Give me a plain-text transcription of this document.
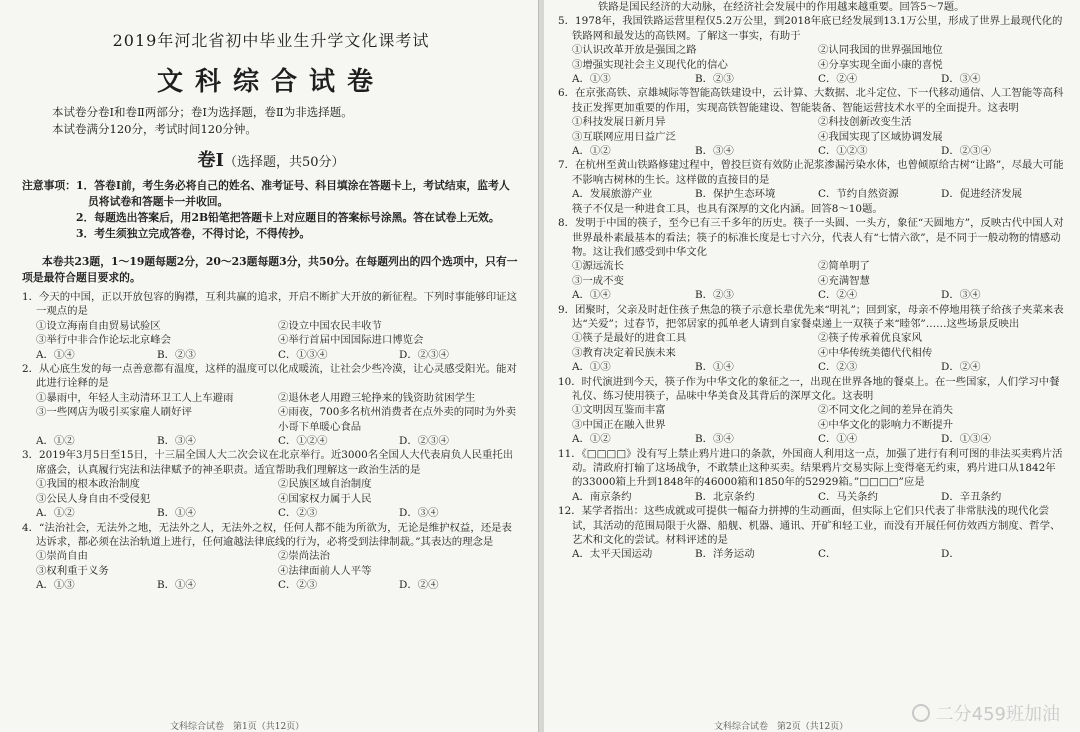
2019年河北省初中毕业生升学文化课考试
文科综合试卷
本试卷分卷Ⅰ和卷Ⅱ两部分；卷Ⅰ为选择题，卷Ⅱ为非选择题。
本试卷满分120分，考试时间120分钟。
卷Ⅰ（选择题，共50分）
注意事项： 1．答卷Ⅰ前，考生务必将自己的姓名、准考证号、科目填涂在答题卡上，考试结束，监考人员将试卷和答题卡一并收回。
2．每题选出答案后，用2B铅笔把答题卡上对应题目的答案标号涂黑。答在试卷上无效。
3．考生须独立完成答卷，不得讨论，不得传抄。
本卷共23题，1～19题每题2分，20～23题每题3分，共50分。在每题列出的四个选项中，只有一项是最符合题目要求的。
1．今天的中国，正以开放包容的胸襟，互利共赢的追求，开启不断扩大开放的新征程。下列时事能够印证这一观点的是
①设立海南自由贸易试验区	②设立中国农民丰收节
③举行中非合作论坛北京峰会	④举行首届中国国际进口博览会
A．①④	B．②③	C．①③④	D．②③④
2．从心底生发的每一点善意都有温度，这样的温度可以化成暖流，让社会少些冷漠，让心灵感受阳光。能对此进行诠释的是
①暴雨中，年轻人主动清环卫工人上车避雨	②退休老人用蹬三轮挣来的钱资助贫困学生
③一些网店为吸引买家雇人刷好评	④雨夜，700多名杭州消费者在点外卖的同时为外卖小哥下单暖心食品
A．①②	B．③④	C．①②④	D．②③④
3．2019年3月5日至15日，十三届全国人大二次会议在北京举行。近3000名全国人大代表肩负人民重托出席盛会，认真履行宪法和法律赋予的神圣职责。适宜帮助我们理解这一政治生活的是
①我国的根本政治制度	②民族区域自治制度
③公民人身自由不受侵犯	④国家权力属于人民
A．①②	B．①④	C．②③	D．③④
4．“法治社会，无法外之地，无法外之人，无法外之权，任何人都不能为所欲为，无论是维护权益，还是表达诉求，都必须在法治轨道上进行，任何逾越法律底线的行为，必将受到法律制裁。”其表达的理念是
①崇尚自由	②崇尚法治
③权利重于义务	④法律面前人人平等
A．①③	B．①④	C．②③	D．②④
文科综合试卷　第1页（共12页）
铁路是国民经济的大动脉，在经济社会发展中的作用越来越重要。回答5～7题。
5．1978年，我国铁路运营里程仅5.2万公里，到2018年底已经发展到13.1万公里，形成了世界上最现代化的铁路网和最发达的高铁网。了解这一事实，有助于
①认识改革开放是强国之路	②认同我国的世界强国地位
③增强实现社会主义现代化的信心	④分享实现全面小康的喜悦
A．①③	B．②③	C．②④	D．③④
6．在京张高铁、京雄城际等智能高铁建设中，云计算、大数据、北斗定位、下一代移动通信、人工智能等高科技正发挥更加重要的作用，实现高铁智能建设、智能装备、智能运营技术水平的全面提升。这表明
①科技发展日新月异	②科技创新改变生活
③互联网应用日益广泛	④我国实现了区域协调发展
A．①②	B．③④	C．①②③	D．②③④
7．在杭州至黄山铁路修建过程中，曾投巨资有效防止泥浆渗漏污染水体，也曾倾原给古树“让路”，尽最大可能不影响古树林的生长。这样做的直接目的是
A．发展旅游产业	B．保护生态环境	C．节约自然资源	D．促进经济发展
筷子不仅是一种进食工具，也具有深厚的文化内涵。回答8～10题。
8．发明于中国的筷子，至今已有三千多年的历史。筷子一头圆、一头方，象征“天圆地方”，反映古代中国人对世界最朴素最基本的看法；筷子的标准长度是七寸六分，代表人有“七情六欲”，是不同于一般动物的情感动物。这让我们感受到中华文化
①源远流长	②简单明了
③一成不变	④充满智慧
A．①④	B．②③	C．②④	D．③④
9．团聚时，父亲及时赶住孩子焦急的筷子示意长辈优先来“明礼”；回到家，母亲不停地用筷子给孩子夹菜来表达“关爱”；过春节，把邻居家的孤单老人请到自家餐桌递上一双筷子来“睦邻”……这些场景反映出
①筷子是最好的进食工具	②筷子传承着优良家风
③教育决定着民族未来	④中华传统美德代代相传
A．①③	B．①④	C．②③	D．②④
10．时代演进到今天，筷子作为中华文化的象征之一，出现在世界各地的餐桌上。在一些国家，人们学习中餐礼仪、练习使用筷子，品味中华美食及其背后的深厚文化。这表明
①文明因互鉴而丰富	②不同文化之间的差异在消失
③中国正在融入世界	④中华文化的影响力不断提升
A．①②	B．③④	C．①④	D．①③④
11．《□□□□》没有写上禁止鸦片进口的条款，外国商人利用这一点，加强了进行有利可图的非法买卖鸦片活动。清政府打输了这场战争，不敢禁止这种买卖。结果鸦片交易实际上变得毫无约束，鸦片进口从1842年的33000箱上升到1848年的46000箱和1850年的52929箱。”□□□□”应是
A．南京条约	B．北京条约	C．马关条约	D．辛丑条约
12．某学者指出：这些成就或可提供一幅奋力拼搏的生动画面，但实际上它们只代表了非常肤浅的现代化尝试，其活动的范围局限于火器、船舰、机器、通讯、开矿和轻工业，而没有开展任何仿效西方制度、哲学、艺术和文化的尝试。材料评述的是
A．太平天国运动	B．洋务运动	C．	D．
文科综合试卷　第2页（共12页）
二分459班加油
